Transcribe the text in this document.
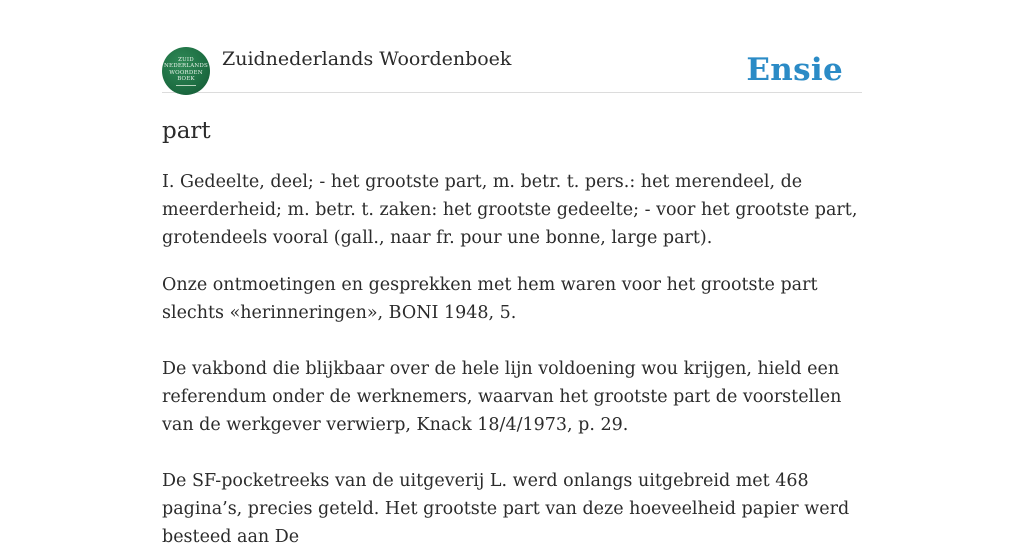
ZUID
NEDERLANDS
WOORDEN
BOEK
Zuidnederlands Woordenboek	Ensie
part

I. Gedeelte, deel; - het grootste part, m. betr. t. pers.: het merendeel, de meerderheid; m. betr. t. zaken: het grootste gedeelte; - voor het grootste part, grotendeels vooral (gall., naar fr. pour une bonne, large part).

Onze ontmoetingen en gesprekken met hem waren voor het grootste part slechts «herinneringen», BONI 1948, 5.

De vakbond die blijkbaar over de hele lijn voldoening wou krijgen, hield een referendum onder de werknemers, waarvan het grootste part de voorstellen van de werkgever verwierp, Knack 18/4/1973, p. 29.

De SF-pocketreeks van de uitgeverij L. werd onlangs uitgebreid met 468 pagina’s, precies geteld. Het grootste part van deze hoeveelheid papier werd besteed aan De
